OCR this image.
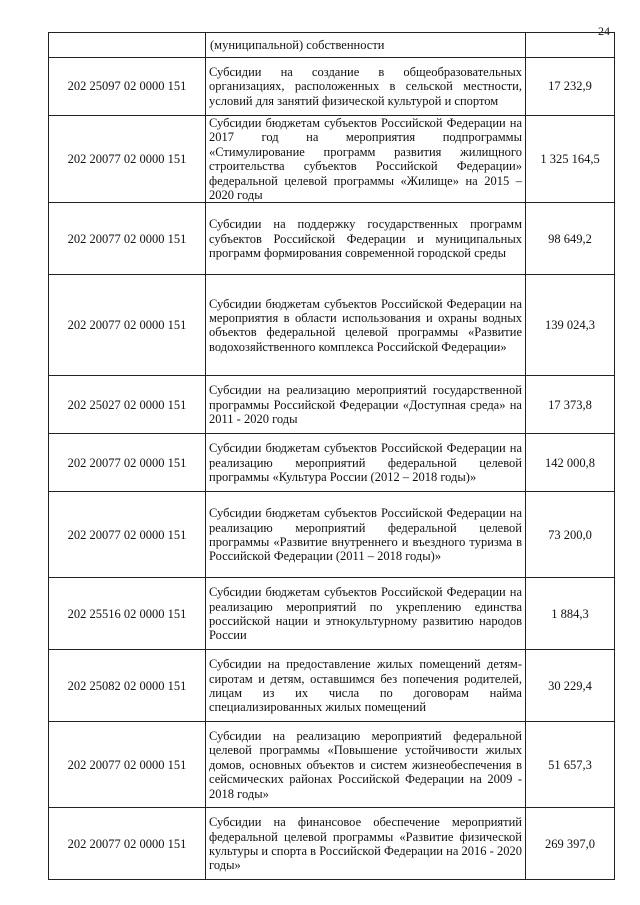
24
	(муниципальной) собственности	
202 25097 02 0000 151	Субсидии на создание в общеобразовательных организациях, расположенных в сельской местности, условий для занятий физической культурой и спортом	17 232,9
202 20077 02 0000 151	Субсидии бюджетам субъектов Российской Федерации на 2017 год на мероприятия подпрограммы «Стимулирование программ развития жилищного строительства субъектов Российской Федерации» федеральной целевой программы «Жилище» на 2015 – 2020 годы	1 325 164,5
202 20077 02 0000 151	Субсидии на поддержку государственных программ субъектов Российской Федерации и муниципальных программ формирования современной городской среды	98 649,2
202 20077 02 0000 151	Субсидии бюджетам субъектов Российской Федерации на мероприятия в области использования и охраны водных объектов федеральной целевой программы «Развитие водохозяйственного комплекса Российской Федерации»	139 024,3
202 25027 02 0000 151	Субсидии на реализацию мероприятий государственной программы Российской Федерации «Доступная среда» на 2011 - 2020 годы	17 373,8
202 20077 02 0000 151	Субсидии бюджетам субъектов Российской Федерации на реализацию мероприятий федеральной целевой программы «Культура России (2012 – 2018 годы)»	142 000,8
202 20077 02 0000 151	Субсидии бюджетам субъектов Российской Федерации на реализацию мероприятий федеральной целевой программы «Развитие внутреннего и въездного туризма в Российской Федерации (2011 – 2018 годы)»	73 200,0
202 25516 02 0000 151	Субсидии бюджетам субъектов Российской Федерации на реализацию мероприятий по укреплению единства российской нации и этнокультурному развитию народов России	1 884,3
202 25082 02 0000 151	Субсидии на предоставление жилых помещений детям-сиротам и детям, оставшимся без попечения родителей, лицам из их числа по договорам найма специализированных жилых помещений	30 229,4
202 20077 02 0000 151	Субсидии на реализацию мероприятий федеральной целевой программы «Повышение устойчивости жилых домов, основных объектов и систем жизнеобеспечения в сейсмических районах Российской Федерации на 2009 - 2018 годы»	51 657,3
202 20077 02 0000 151	Субсидии на финансовое обеспечение мероприятий федеральной целевой программы «Развитие физической культуры и спорта в Российской Федерации на 2016 - 2020 годы»	269 397,0
